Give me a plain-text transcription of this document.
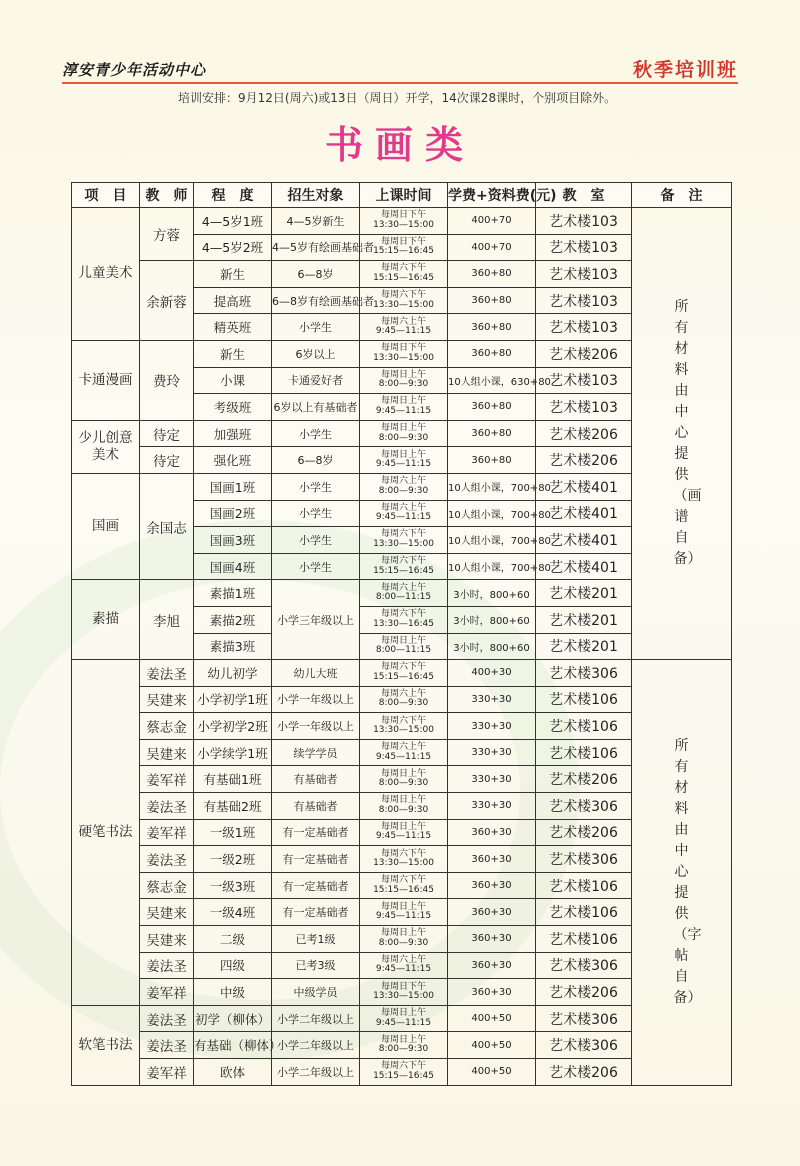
淳安青少年活动中心	秋季培训班
培训安排：9月12日(周六)或13日（周日）开学，14次课28课时，个别项目除外。
书画类
项　目	教　师	程　度	招生对象	上课时间	学费+资料费(元)	教　室	备　注
儿童美术	方蓉	4—5岁1班	4—5岁新生	每周日下午
13:30—15:00	400+70	艺术楼103	所有材料由中心提供（画谱自备）

		4—5岁2班	4—5岁有绘画基础者	每周日下午
15:15—16:45	400+70	艺术楼103	
	余新蓉	新生	6—8岁	每周六下午
15:15—16:45	360+80	艺术楼103	
		提高班	6—8岁有绘画基础者	每周六下午
13:30—15:00	360+80	艺术楼103	
		精英班	小学生	每周六上午
9:45—11:15	360+80	艺术楼103	
卡通漫画	费玲	新生	6岁以上	每周日下午
13:30—15:00	360+80	艺术楼206	
		小课	卡通爱好者	每周日上午
8:00—9:30	10人组小课，630+80	艺术楼103	
		考级班	6岁以上有基础者	每周日上午
9:45—11:15	360+80	艺术楼103	
少儿创意美术	待定	加强班	小学生	每周日上午
8:00—9:30	360+80	艺术楼206	
	待定	强化班	6—8岁	每周日上午
9:45—11:15	360+80	艺术楼206	
国画	余国志	国画1班	小学生	每周六上午
8:00—9:30	10人组小课，700+80	艺术楼401	
		国画2班	小学生	每周六上午
9:45—11:15	10人组小课，700+80	艺术楼401	
		国画3班	小学生	每周六下午
13:30—15:00	10人组小课，700+80	艺术楼401	
		国画4班	小学生	每周六下午
15:15—16:45	10人组小课，700+80	艺术楼401	
素描	李旭	素描1班	小学三年级以上	每周六上午
8:00—11:15	3小时，800+60	艺术楼201	
		素描2班		每周六下午
13:30—16:45	3小时，800+60	艺术楼201	
		素描3班		每周日上午
8:00—11:15	3小时，800+60	艺术楼201	
硬笔书法	姜法圣	幼儿初学	幼儿大班	每周六下午
15:15—16:45	400+30	艺术楼306	所有材料由中心提供（字帖自备）

	吴建来	小学初学1班	小学一年级以上	每周六上午
8:00—9:30	330+30	艺术楼106	
	蔡志金	小学初学2班	小学一年级以上	每周六下午
13:30—15:00	330+30	艺术楼106	
	吴建来	小学续学1班	续学学员	每周六上午
9:45—11:15	330+30	艺术楼106	
	姜军祥	有基础1班	有基础者	每周日上午
8:00—9:30	330+30	艺术楼206	
	姜法圣	有基础2班	有基础者	每周日上午
8:00—9:30	330+30	艺术楼306	
	姜军祥	一级1班	有一定基础者	每周日上午
9:45—11:15	360+30	艺术楼206	
	姜法圣	一级2班	有一定基础者	每周六下午
13:30—15:00	360+30	艺术楼306	
	蔡志金	一级3班	有一定基础者	每周六下午
15:15—16:45	360+30	艺术楼106	
	吴建来	一级4班	有一定基础者	每周日上午
9:45—11:15	360+30	艺术楼106	
	吴建来	二级	已考1级	每周日上午
8:00—9:30	360+30	艺术楼106	
	姜法圣	四级	已考3级	每周六上午
9:45—11:15	360+30	艺术楼306	
	姜军祥	中级	中级学员	每周日下午
13:30—15:00	360+30	艺术楼206	
软笔书法	姜法圣	初学（柳体）	小学二年级以上	每周日上午
9:45—11:15	400+50	艺术楼306	
	姜法圣	有基础（柳体）	小学二年级以上	每周日上午
8:00—9:30	400+50	艺术楼306	
	姜军祥	欧体	小学二年级以上	每周六下午
15:15—16:45	400+50	艺术楼206	
